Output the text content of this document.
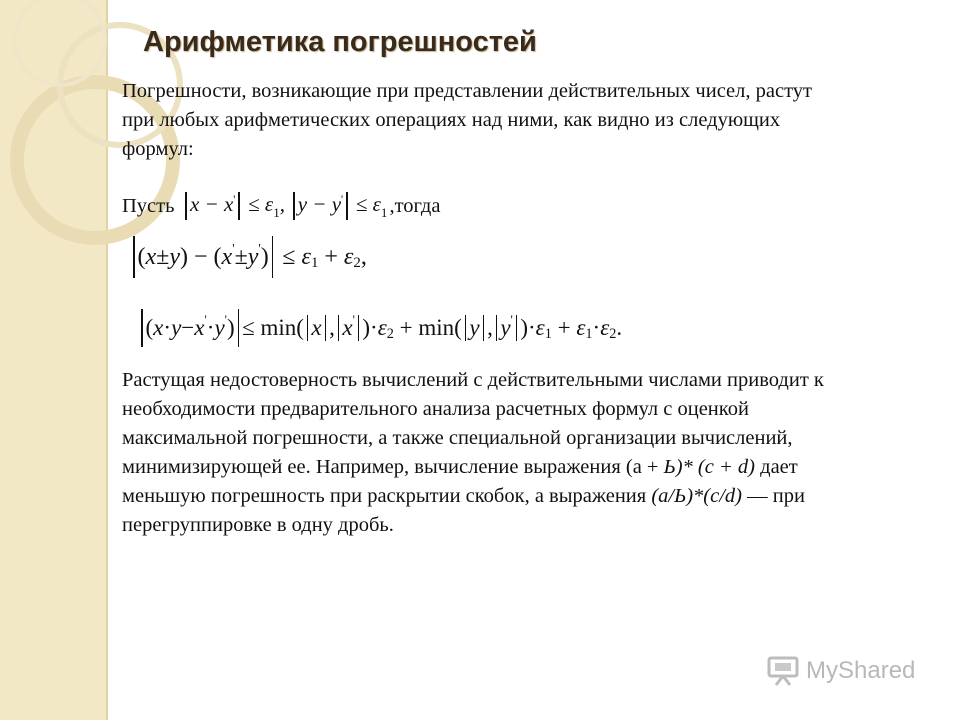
Арифметика погрешностей

Погрешности, возникающие при представлении действительных чисел, растут при любых арифметических операциях над ними, как видно из следующих формул:

Пусть $x - x' \le \varepsilon_1$, $y - y' \le \varepsilon_1$ ,тогда
( x ± y ) − ( x ' ± y ' ) ≤ ε 1 + ε 2 ,
( x · y − x ' · y ' ) ≤ min( x , x ' )· ε 2 + min( y , y ' )· ε 1 + ε 1 · ε 2 .

Растущая недостоверность вычислений с действительными числами приводит к необходимости предварительного анализа расчетных формул с оценкой максимальной погрешности, а также специальной организации вычислений, минимизирующей ее. Например, вычисление выражения (а + Ь)* (с + d) дает меньшую погрешность при раскрытии скобок, а выражения (а/Ь)*(с/d) — при перегруппировке в одну дробь.

MyShared
